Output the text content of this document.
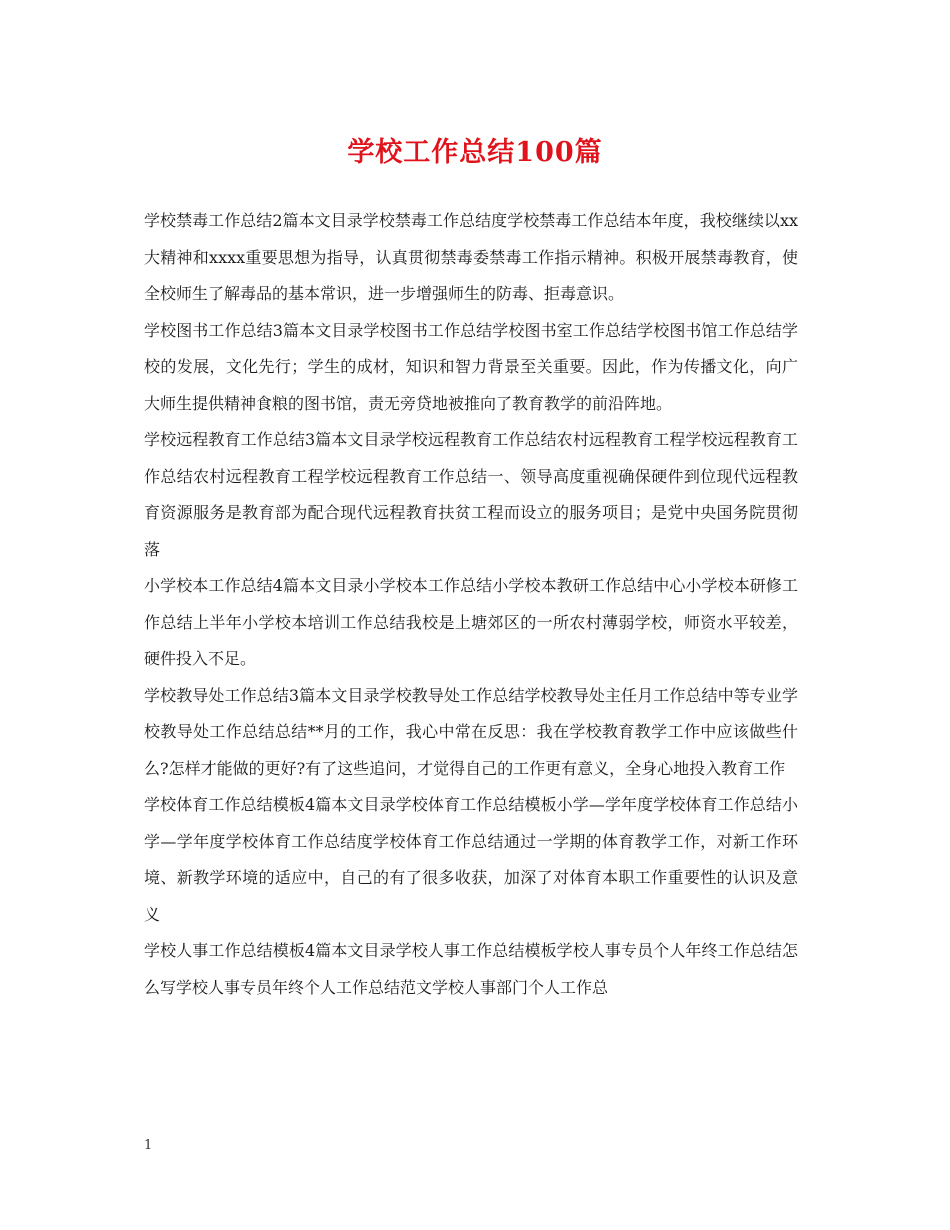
学校工作总结100篇

学校禁毒工作总结2篇本文目录学校禁毒工作总结度学校禁毒工作总结本年度，我校继续以xx大精神和xxxx重要思想为指导，认真贯彻禁毒委禁毒工作指示精神。积极开展禁毒教育，使全校师生了解毒品的基本常识，进一步增强师生的防毒、拒毒意识。

学校图书工作总结3篇本文目录学校图书工作总结学校图书室工作总结学校图书馆工作总结学校的发展，文化先行；学生的成材，知识和智力背景至关重要。因此，作为传播文化，向广大师生提供精神食粮的图书馆，责无旁贷地被推向了教育教学的前沿阵地。

学校远程教育工作总结3篇本文目录学校远程教育工作总结农村远程教育工程学校远程教育工作总结农村远程教育工程学校远程教育工作总结一、领导高度重视确保硬件到位现代远程教育资源服务是教育部为配合现代远程教育扶贫工程而设立的服务项目；是党中央国务院贯彻落

小学校本工作总结4篇本文目录小学校本工作总结小学校本教研工作总结中心小学校本研修工作总结上半年小学校本培训工作总结我校是上塘郊区的一所农村薄弱学校，师资水平较差，硬件投入不足。

学校教导处工作总结3篇本文目录学校教导处工作总结学校教导处主任月工作总结中等专业学校教导处工作总结总结**月的工作，我心中常在反思：我在学校教育教学工作中应该做些什么?怎样才能做的更好?有了这些追问，才觉得自己的工作更有意义，全身心地投入教育工作

学校体育工作总结模板4篇本文目录学校体育工作总结模板小学—学年度学校体育工作总结小学—学年度学校体育工作总结度学校体育工作总结通过一学期的体育教学工作，对新工作环境、新教学环境的适应中，自己的有了很多收获，加深了对体育本职工作重要性的认识及意义

学校人事工作总结模板4篇本文目录学校人事工作总结模板学校人事专员个人年终工作总结怎么写学校人事专员年终个人工作总结范文学校人事部门个人工作总

1
